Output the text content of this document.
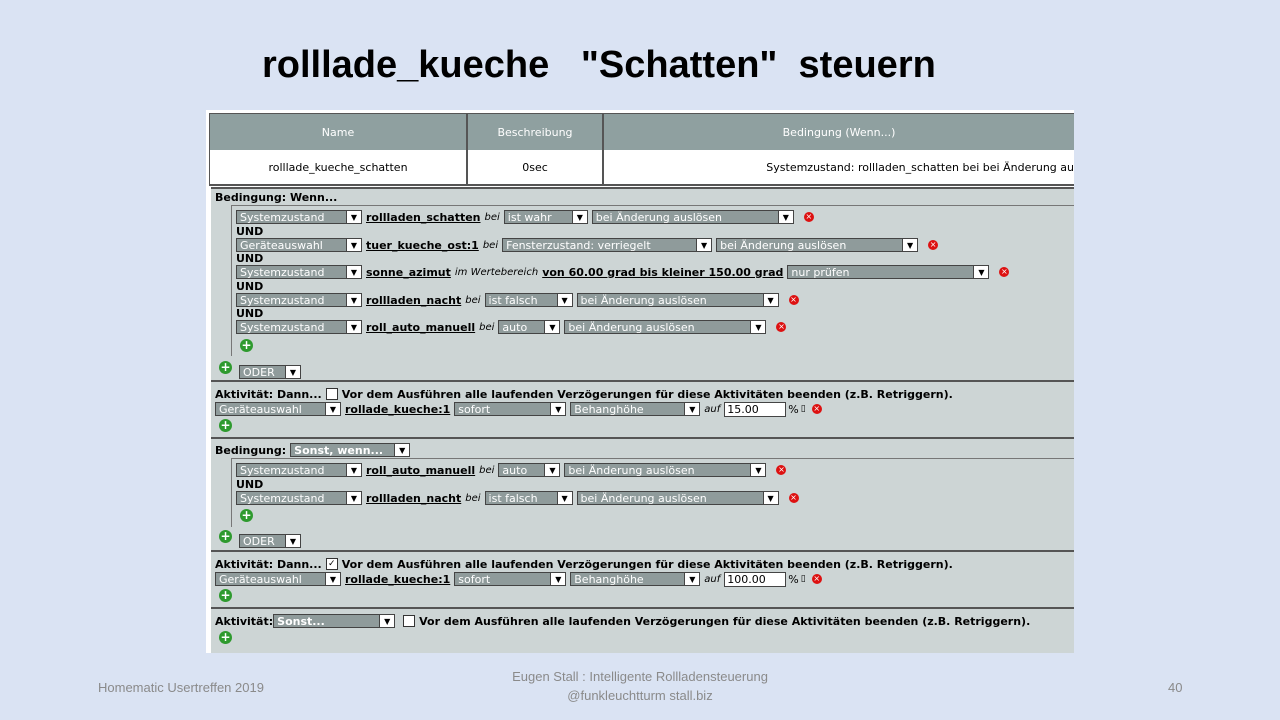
rolllade_kueche   "Schatten"  steuern
Name	Beschreibung	Bedingung (Wenn...)
rolllade_kueche_schatten	0sec	Systemzustand: rollladen_schatten bei bei Änderung au
Bedingung: Wenn...
Systemzustand	▼ rollladen_schatten bei ist wahr	▼	bei Änderung auslösen	▼	×
UND
Geräteauswahl	▼ tuer_kueche_ost:1 bei Fensterzustand: verriegelt	▼	bei Änderung auslösen	▼	×
UND
Systemzustand	▼ sonne_azimut im Wertebereich von 60.00 grad bis kleiner 150.00 grad nur prüfen	▼	×
UND
Systemzustand	▼ rollladen_nacht bei ist falsch	▼	bei Änderung auslösen	▼	×
UND
Systemzustand	▼ roll_auto_manuell bei auto	▼	bei Änderung auslösen	▼	×
+
+ ODER	▼
Aktivität: Dann... Vor dem Ausführen alle laufenden Verzögerungen für diese Aktivitäten beenden (z.B. Retriggern).
Geräteauswahl	▼ rollade_kueche:1 sofort	▼	Behanghöhe	▼ auf 15.00	% ▯ ×
+
Bedingung: Sonst, wenn...	▼
Systemzustand	▼ roll_auto_manuell bei auto	▼	bei Änderung auslösen	▼	×
UND
Systemzustand	▼ rollladen_nacht bei ist falsch	▼	bei Änderung auslösen	▼	×
+
+ ODER	▼
Aktivität: Dann... ✓ Vor dem Ausführen alle laufenden Verzögerungen für diese Aktivitäten beenden (z.B. Retriggern).
Geräteauswahl	▼ rollade_kueche:1 sofort	▼	Behanghöhe	▼ auf 100.00	% ▯ ×
+
Aktivität: Sonst...	▼	Vor dem Ausführen alle laufenden Verzögerungen für diese Aktivitäten beenden (z.B. Retriggern).
+
Homematic Usertreffen 2019
Eugen Stall : Intelligente Rollladensteuerung
@funkleuchtturm stall.biz
40
